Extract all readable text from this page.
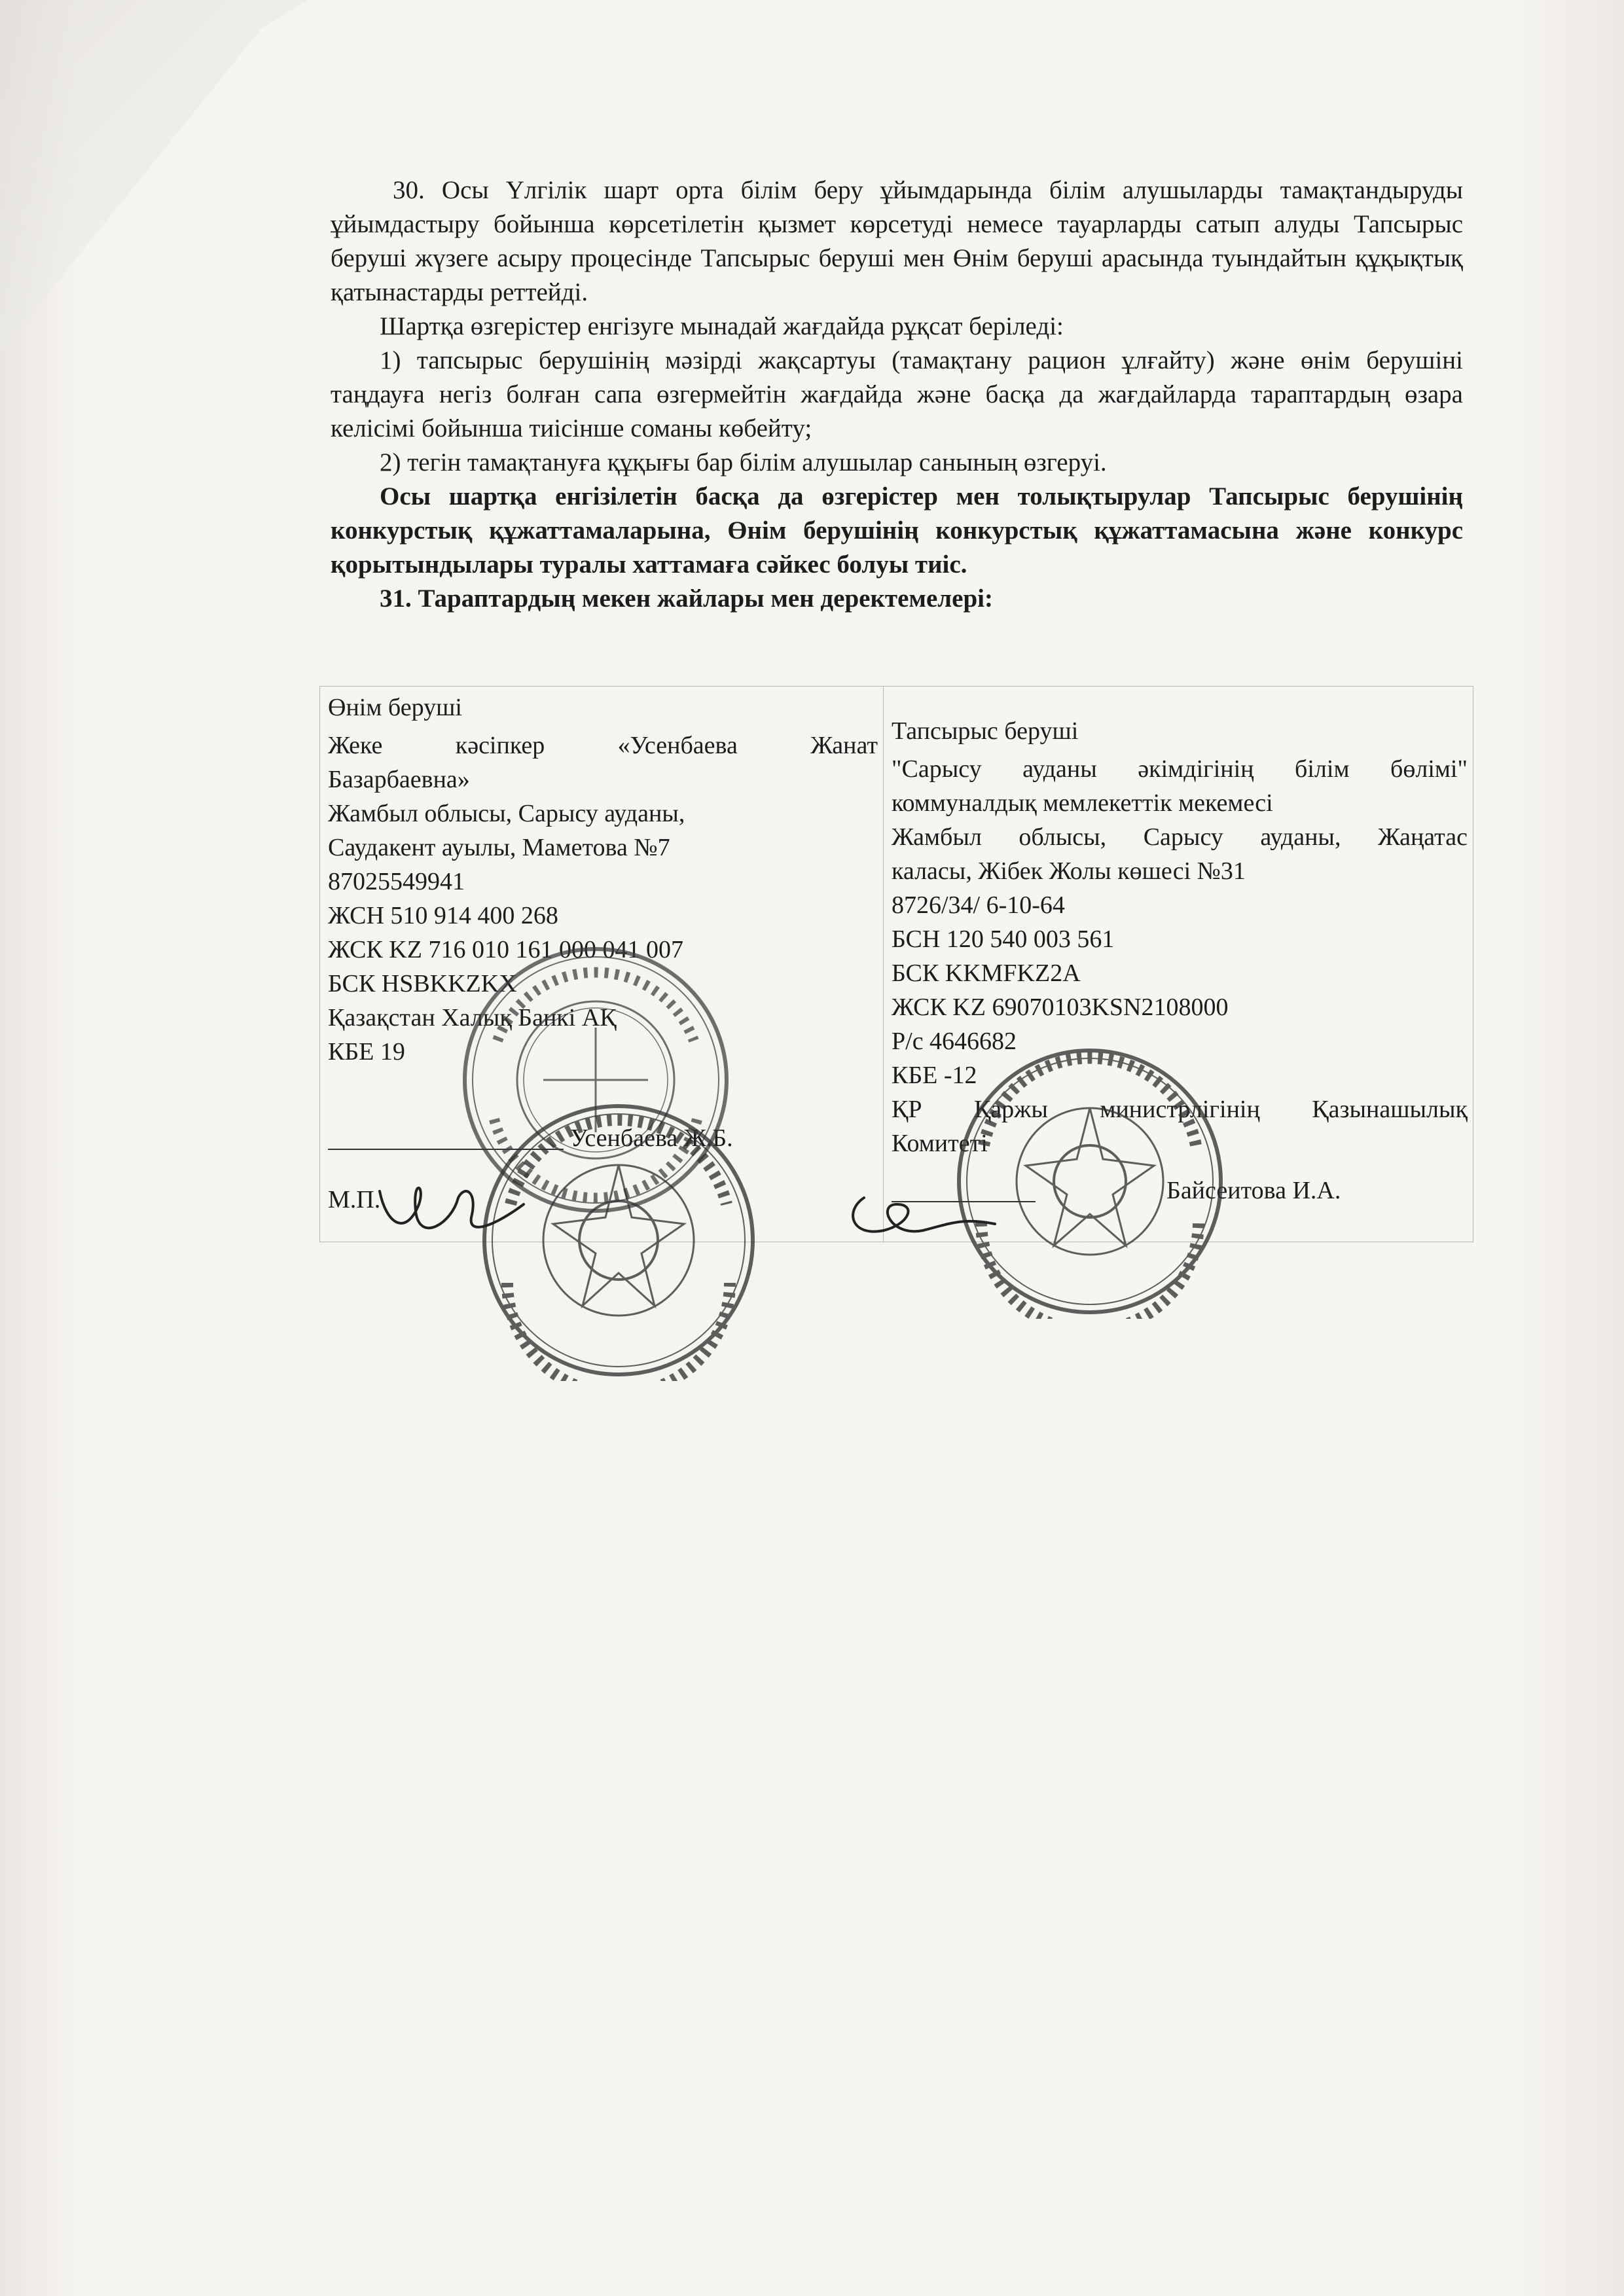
30. Осы Үлгілік шарт орта білім беру ұйымдарында білім алушыларды тамақтандыруды ұйымдастыру бойынша көрсетілетін қызмет көрсетуді немесе тауарларды сатып алуды Тапсырыс беруші жүзеге асыру процесінде Тапсырыс беруші мен Өнім беруші арасында туындайтын құқықтық қатынастарды реттейді.

Шартқа өзгерістер енгізуге мынадай жағдайда рұқсат беріледі:

1) тапсырыс берушінің мәзірді жақсартуы (тамақтану рацион ұлғайту) және өнім берушіні таңдауға негіз болған сапа өзгермейтін жағдайда және басқа да жағдайларда тараптардың өзара келісімі бойынша тиісінше соманы көбейту;

2) тегін тамақтануға құқығы бар білім алушылар санының өзгеруі.

Осы шартқа енгізілетін басқа да өзгерістер мен толықтырулар Тапсырыс берушінің конкурстық құжаттамаларына, Өнім берушінің конкурстық құжаттамасына және конкурс қорытындылары туралы хаттамаға сәйкес болуы тиіс.

31. Тараптардың мекен жайлары мен деректемелері:

Өнім беруші

Жеке кәсіпкер «Усенбаева Жанат

Базарбаевна»

Жамбыл облысы, Сарысу ауданы,

Саудакент ауылы, Маметова №7

87025549941

ЖСН 510 914 400 268

ЖСК KZ 716 010 161 000 041 007

БСК HSBKKZKX

Қазақстан Халық Банкі АҚ

КБЕ 19

Усенбаева Ж.Б.

М.П.

Тапсырыс беруші

"Сарысу ауданы әкімдігінің білім бөлімі"

коммуналдық мемлекеттік мекемесі

Жамбыл облысы, Сарысу ауданы, Жаңатас

каласы, Жібек Жолы көшесі №31

8726/34/ 6-10-64

БСН 120 540 003 561

БСК KKMFKZ2A

ЖСК KZ 69070103KSN2108000

Р/с 4646682

КБЕ -12

ҚР Қаржы министрлігінің Қазынашылық

Комитеті

Байсеитова И.А.
